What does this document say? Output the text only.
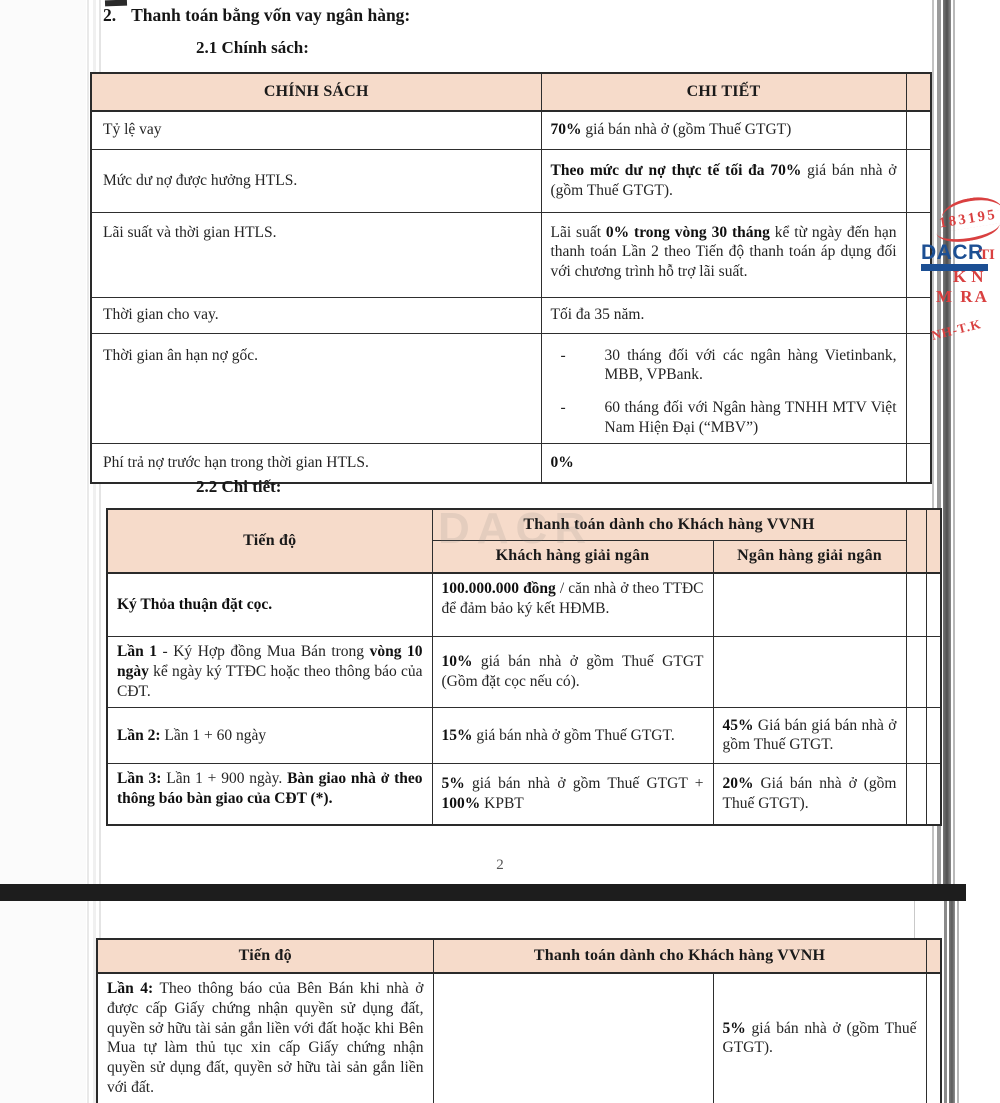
2. Thanh toán bằng vốn vay ngân hàng:
2.1 Chính sách:
CHÍNH SÁCH	CHI TIẾT	
Tỷ lệ vay	70% giá bán nhà ở (gồm Thuế GTGT)	
Mức dư nợ được hưởng HTLS.	Theo mức dư nợ thực tế tối đa 70% giá bán nhà ở (gồm Thuế GTGT).	
Lãi suất và thời gian HTLS.	Lãi suất 0% trong vòng 30 tháng kể từ ngày đến hạn thanh toán Lần 2 theo Tiến độ thanh toán áp dụng đối với chương trình hỗ trợ lãi suất.	
Thời gian cho vay.	Tối đa 35 năm.	
Thời gian ân hạn nợ gốc.	- 30 tháng đối với các ngân hàng Vietinbank, MBB, VPBank.
- 60 tháng đối với Ngân hàng TNHH MTV Việt Nam Hiện Đại (“MBV”)	

Phí trả nợ trước hạn trong thời gian HTLS.	0%	
2.2 Chi tiết:
DACR
Tiến độ	Thanh toán dành cho Khách hàng VVNH			
	Khách hàng giải ngân	Ngân hàng giải ngân		
Ký Thỏa thuận đặt cọc.	100.000.000 đồng / căn nhà ở theo TTĐC để đảm bảo ký kết HĐMB.			
Lần 1 - Ký Hợp đồng Mua Bán trong vòng 10 ngày kể ngày ký TTĐC hoặc theo thông báo của CĐT.	10% giá bán nhà ở gồm Thuế GTGT (Gồm đặt cọc nếu có).			
Lần 2: Lần 1 + 60 ngày	15% giá bán nhà ở gồm Thuế GTGT.	45% Giá bán giá bán nhà ở gồm Thuế GTGT.		
Lần 3: Lần 1 + 900 ngày. Bàn giao nhà ở theo thông báo bàn giao của CĐT (*).	5% giá bán nhà ở gồm Thuế GTGT + 100% KPBT	20% Giá bán nhà ở (gồm Thuế GTGT).		
2
Tiến độ	Thanh toán dành cho Khách hàng VVNH		
Lần 4: Theo thông báo của Bên Bán khi nhà ở được cấp Giấy chứng nhận quyền sử dụng đất, quyền sở hữu tài sản gắn liền với đất hoặc khi Bên Mua tự làm thủ tục xin cấp Giấy chứng nhận quyền sử dụng đất, quyền sở hữu tài sản gắn liền với đất.		5% giá bán nhà ở (gồm Thuế GTGT).	
183195
DACR
TI
KN
M RA
NH-T.K
